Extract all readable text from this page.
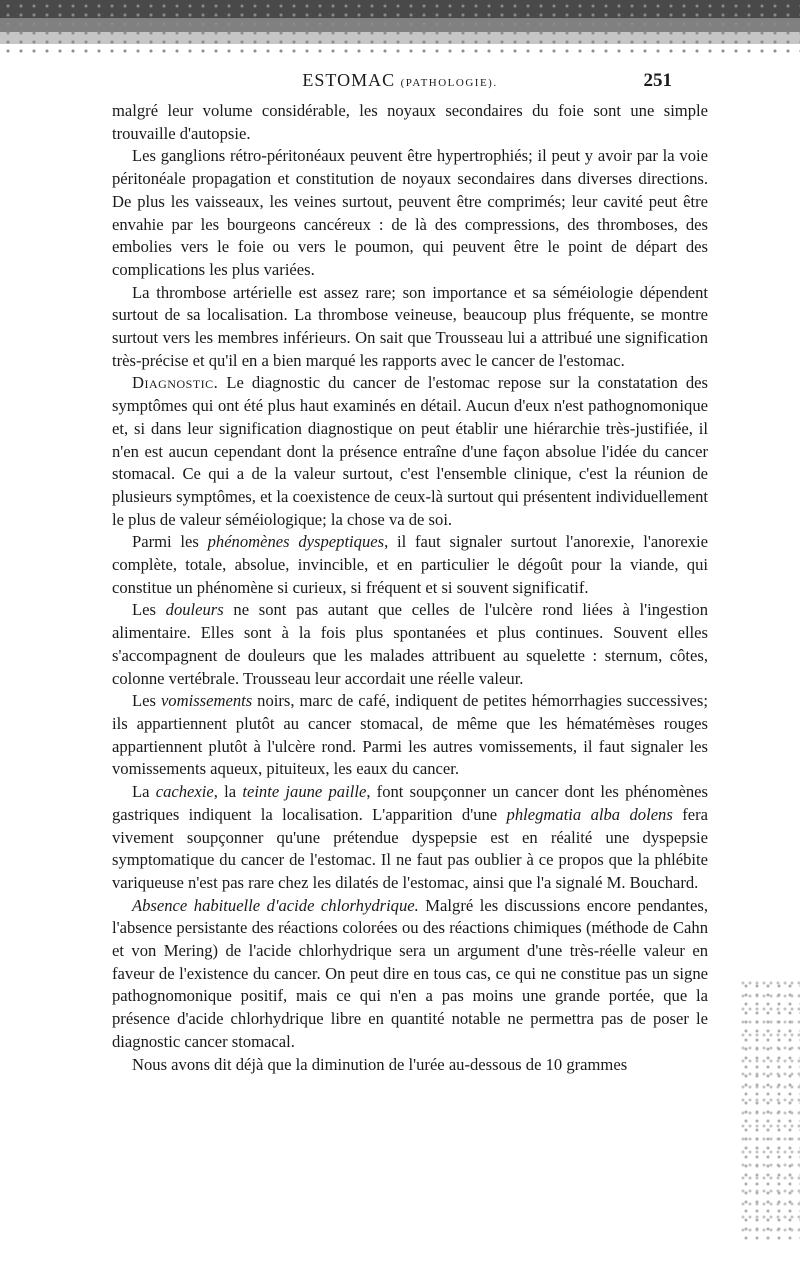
ESTOMAC (PATHOLOGIE).	251

malgré leur volume considérable, les noyaux secondaires du foie sont une simple trouvaille d'autopsie.

Les ganglions rétro-péritonéaux peuvent être hypertrophiés; il peut y avoir par la voie péritonéale propagation et constitution de noyaux secondaires dans diverses directions. De plus les vaisseaux, les veines surtout, peuvent être comprimés; leur cavité peut être envahie par les bourgeons cancéreux : de là des compressions, des thromboses, des embolies vers le foie ou vers le poumon, qui peuvent être le point de départ des complications les plus variées.

La thrombose artérielle est assez rare; son importance et sa séméiologie dépendent surtout de sa localisation. La thrombose veineuse, beaucoup plus fréquente, se montre surtout vers les membres inférieurs. On sait que Trousseau lui a attribué une signification très-précise et qu'il en a bien marqué les rapports avec le cancer de l'estomac.

Diagnostic. Le diagnostic du cancer de l'estomac repose sur la constatation des symptômes qui ont été plus haut examinés en détail. Aucun d'eux n'est pathognomonique et, si dans leur signification diagnostique on peut établir une hiérarchie très-justifiée, il n'en est aucun cependant dont la présence entraîne d'une façon absolue l'idée du cancer stomacal. Ce qui a de la valeur surtout, c'est l'ensemble clinique, c'est la réunion de plusieurs symptômes, et la coexistence de ceux-là surtout qui présentent individuellement le plus de valeur séméiologique; la chose va de soi.

Parmi les phénomènes dyspeptiques, il faut signaler surtout l'anorexie, l'anorexie complète, totale, absolue, invincible, et en particulier le dégoût pour la viande, qui constitue un phénomène si curieux, si fréquent et si souvent significatif.

Les douleurs ne sont pas autant que celles de l'ulcère rond liées à l'ingestion alimentaire. Elles sont à la fois plus spontanées et plus continues. Souvent elles s'accompagnent de douleurs que les malades attribuent au squelette : sternum, côtes, colonne vertébrale. Trousseau leur accordait une réelle valeur.

Les vomissements noirs, marc de café, indiquent de petites hémorrhagies successives; ils appartiennent plutôt au cancer stomacal, de même que les hématémèses rouges appartiennent plutôt à l'ulcère rond. Parmi les autres vomissements, il faut signaler les vomissements aqueux, pituiteux, les eaux du cancer.

La cachexie, la teinte jaune paille, font soupçonner un cancer dont les phénomènes gastriques indiquent la localisation. L'apparition d'une phlegmatia alba dolens fera vivement soupçonner qu'une prétendue dyspepsie est en réalité une dyspepsie symptomatique du cancer de l'estomac. Il ne faut pas oublier à ce propos que la phlébite variqueuse n'est pas rare chez les dilatés de l'estomac, ainsi que l'a signalé M. Bouchard.

Absence habituelle d'acide chlorhydrique. Malgré les discussions encore pendantes, l'absence persistante des réactions colorées ou des réactions chimiques (méthode de Cahn et von Mering) de l'acide chlorhydrique sera un argument d'une très-réelle valeur en faveur de l'existence du cancer. On peut dire en tous cas, ce qui ne constitue pas un signe pathognomonique positif, mais ce qui n'en a pas moins une grande portée, que la présence d'acide chlorhydrique libre en quantité notable ne permettra pas de poser le diagnostic cancer stomacal.

Nous avons dit déjà que la diminution de l'urée au-dessous de 10 grammes
